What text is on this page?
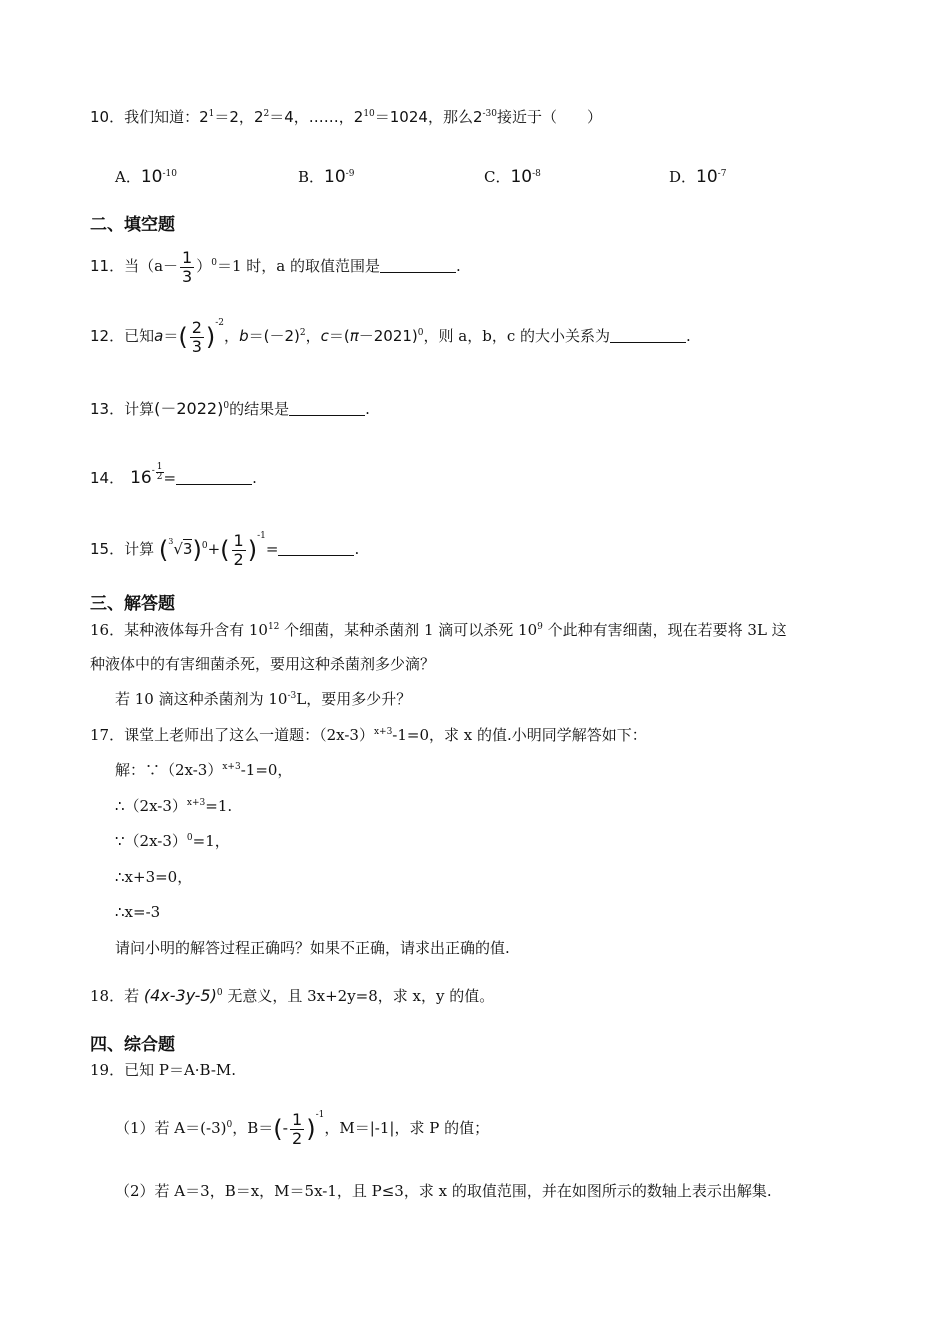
10．我们知道：$2^1=2$，$2^2=4$，……，$2^{10}=1024$，那么$2^{-30}$接近于（　　）
A．$10^{-10}$	B．$10^{-9}$	C．$10^{-8}$	D．$10^{-7}$
二、填空题
11．当$(a- \frac{1}{3} )^0=1$ 时，a 的取值范围是	.
12．已知$a=( \frac{2}{3} )^{-2}$，$b=(-2)^2$，$c=(\pi-2021)^0$，则 a，b，c 的大小关系为	.
13．计算$(-2022)^0$的结果是	.
14． $16^- \frac{1}{2}$ =	.
15．计算 $(^3√3)^0+( \frac{1}{2} )^{-1}=$	.
三、解答题
16．某种液体每升含有 $10^{12}$ 个细菌，某种杀菌剂 1 滴可以杀死 $10^9$ 个此种有害细菌，现在若要将 3L 这
种液体中的有害细菌杀死，要用这种杀菌剂多少滴？
若 10 滴这种杀菌剂为 $10^{-3}L$，要用多少升？
17．课堂上老师出了这么一道题：$(2x-3)^{x+3}-1=0$，求 x 的值.小明同学解答如下：
解：$\because(2x-3)^{x+3}-1=0$，
$\therefore(2x-3)^{x+3}=1$.
$\because(2x-3)^0=1$，
∴x+3=0，
∴x=-3
请问小明的解答过程正确吗？如果不正确，请求出正确的值.
18．若 $(4x-3y-5)^0$ 无意义，且 3x+2y=8，求 x，y 的值。
四、综合题
19．已知 P＝A·B-M.
（1）若 $A=(-3)^0$，$B=(- \frac{1}{2} )^{-1}$，M＝|-1|，求 P 的值；
（2）若 A＝3，B＝x，M＝5x-1，且 P≤3，求 x 的取值范围，并在如图所示的数轴上表示出解集.
